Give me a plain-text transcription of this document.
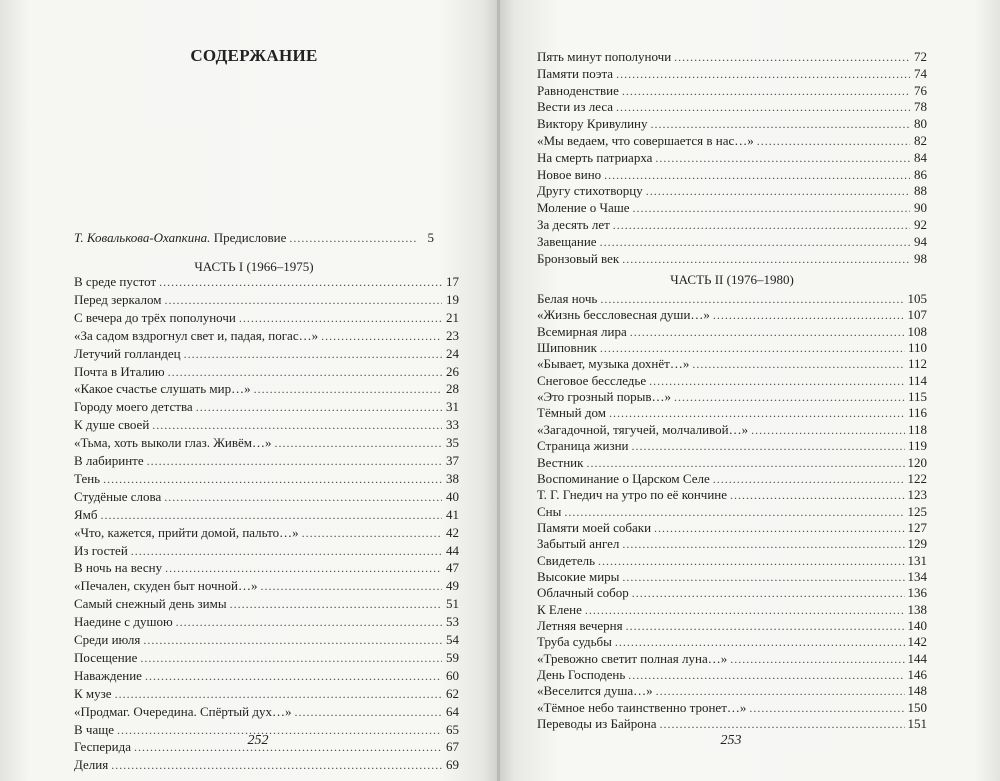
СОДЕРЖАНИЕ
Т. Ковалькова-Охапкина. Предисловие . . .	5
ЧАСТЬ I (1966–1975)
В среде пустот . . .	17
Перед зеркалом . . .	19
С вечера до трёх пополуночи . . .	21
«За садом вздрогнул свет и, падая, погас…» . . .	23
Летучий голландец . . .	24
Почта в Италию . . .	26
«Какое счастье слушать мир…» . . .	28
Городу моего детства . . .	31
К душе своей . . .	33
«Тьма, хоть выколи глаз. Живём…» . . .	35
В лабиринте . . .	37
Тень . . .	38
Студёные слова . . .	40
Ямб . . .	41
«Что, кажется, прийти домой, пальто…» . . .	42
Из гостей . . .	44
В ночь на весну . . .	47
«Печален, скуден быт ночной…» . . .	49
Самый снежный день зимы . . .	51
Наедине с душою . . .	53
Среди июля . . .	54
Посещение . . .	59
Наваждение . . .	60
К музе . . .	62
«Продмаг. Очередина. Спёртый дух…» . . .	64
В чаще . . .	65
Гесперида . . .	67
Делия . . .	69
252
Пять минут пополуночи . . .	72
Памяти поэта . . .	74
Равноденствие . . .	76
Вести из леса . . .	78
Виктору Кривулину . . .	80
«Мы ведаем, что совершается в нас…» . . .	82
На смерть патриарха . . .	84
Новое вино . . .	86
Другу стихотворцу . . .	88
Моление о Чаше . . .	90
За десять лет . . .	92
Завещание . . .	94
Бронзовый век . . .	98
ЧАСТЬ II (1976–1980)
Белая ночь . . .	105
«Жизнь бессловесная души…» . . .	107
Всемирная лира . . .	108
Шиповник . . .	110
«Бывает, музыка дохнёт…» . . .	112
Снеговое бесследье . . .	114
«Это грозный порыв…» . . .	115
Тёмный дом . . .	116
«Загадочной, тягучей, молчаливой…» . . .	118
Страница жизни . . .	119
Вестник . . .	120
Воспоминание о Царском Селе . . .	122
Т. Г. Гнедич на утро по её кончине . . .	123
Сны . . .	125
Памяти моей собаки . . .	127
Забытый ангел . . .	129
Свидетель . . .	131
Высокие миры . . .	134
Облачный собор . . .	136
К Елене . . .	138
Летняя вечерня . . .	140
Труба судьбы . . .	142
«Тревожно светит полная луна…» . . .	144
День Господень . . .	146
«Веселится душа…» . . .	148
«Тёмное небо таинственно тронет…» . . .	150
Переводы из Байрона . . .	151
253
